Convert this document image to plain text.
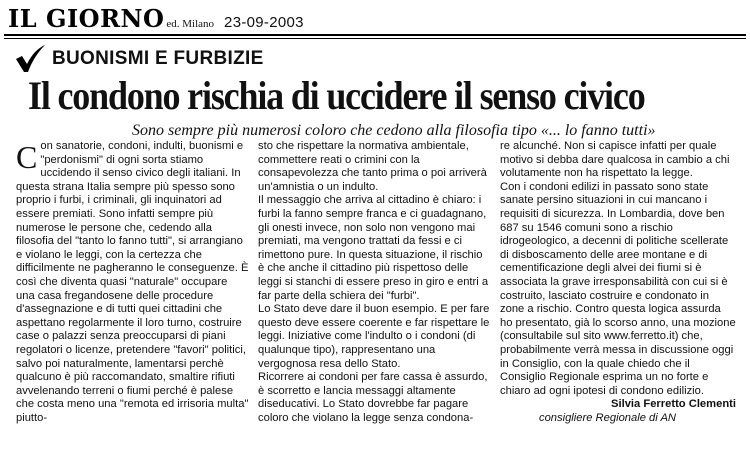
IL GIORNO ed. Milano 23-09-2003
BUONISMI E FURBIZIE
Il condono rischia di uccidere il senso civico
Sono sempre più numerosi coloro che cedono alla filosofia tipo «... lo fanno tutti»

Con sanatorie, condoni, indulti, buonismi e "perdonismi" di ogni sorta stiamo uccidendo il senso civico degli italiani. In questa strana Italia sempre più spesso sono proprio i furbi, i criminali, gli inquinatori ad essere premiati. Sono infatti sempre più numerose le persone che, cedendo alla filosofia del "tanto lo fanno tutti", si arrangiano e violano le leggi, con la certezza che difficilmente ne pagheranno le conseguenze. È così che diventa quasi "naturale" occupare una casa fregandosene delle procedure d'assegnazione e di tutti quei cittadini che aspettano regolarmente il loro turno, costruire case o palazzi senza preoccuparsi di piani regolatori o licenze, pretendere "favori" politici, salvo poi naturalmente, lamentarsi perchè qualcuno è più raccomandato, smaltire rifiuti avvelenando terreni o fiumi perché è palese che costa meno una "remota ed irrisoria multa" piutto-

sto che rispettare la normativa ambientale, commettere reati o crimini con la consapevolezza che tanto prima o poi arriverà un'amnistia o un indulto.

Il messaggio che arriva al cittadino è chiaro: i furbi la fanno sempre franca e ci guadagnano, gli onesti invece, non solo non vengono mai premiati, ma vengono trattati da fessi e ci rimettono pure. In questa situazione, il rischio è che anche il cittadino più rispettoso delle leggi si stanchi di essere preso in giro e entri a far parte della schiera dei "furbi".

Lo Stato deve dare il buon esempio. E per fare questo deve essere coerente e far rispettare le leggi. Iniziative come l'indulto o i condoni (di qualunque tipo), rappresentano una vergognosa resa dello Stato.

Ricorrere ai condoni per fare cassa è assurdo, è scorretto e lancia messaggi altamente diseducativi. Lo Stato dovrebbe far pagare coloro che violano la legge senza condona-

re alcunché. Non si capisce infatti per quale motivo si debba dare qualcosa in cambio a chi volutamente non ha rispettato la legge.

Con i condoni edilizi in passato sono state sanate persino situazioni in cui mancano i requisiti di sicurezza. In Lombardia, dove ben 687 su 1546 comuni sono a rischio idrogeologico, a decenni di politiche scellerate di disboscamento delle aree montane e di cementificazione degli alvei dei fiumi si è associata la grave irresponsabilità con cui si è costruito, lasciato costruire e condonato in zone a rischio. Contro questa logica assurda ho presentato, già lo scorso anno, una mozione (consultabile sul sito www.ferretto.it) che, probabilmente verrà messa in discussione oggi in Consiglio, con la quale chiedo che il Consiglio Regionale esprima un no forte e chiaro ad ogni ipotesi di condono edilizio.

Silvia Ferretto Clementi

consigliere Regionale di AN
